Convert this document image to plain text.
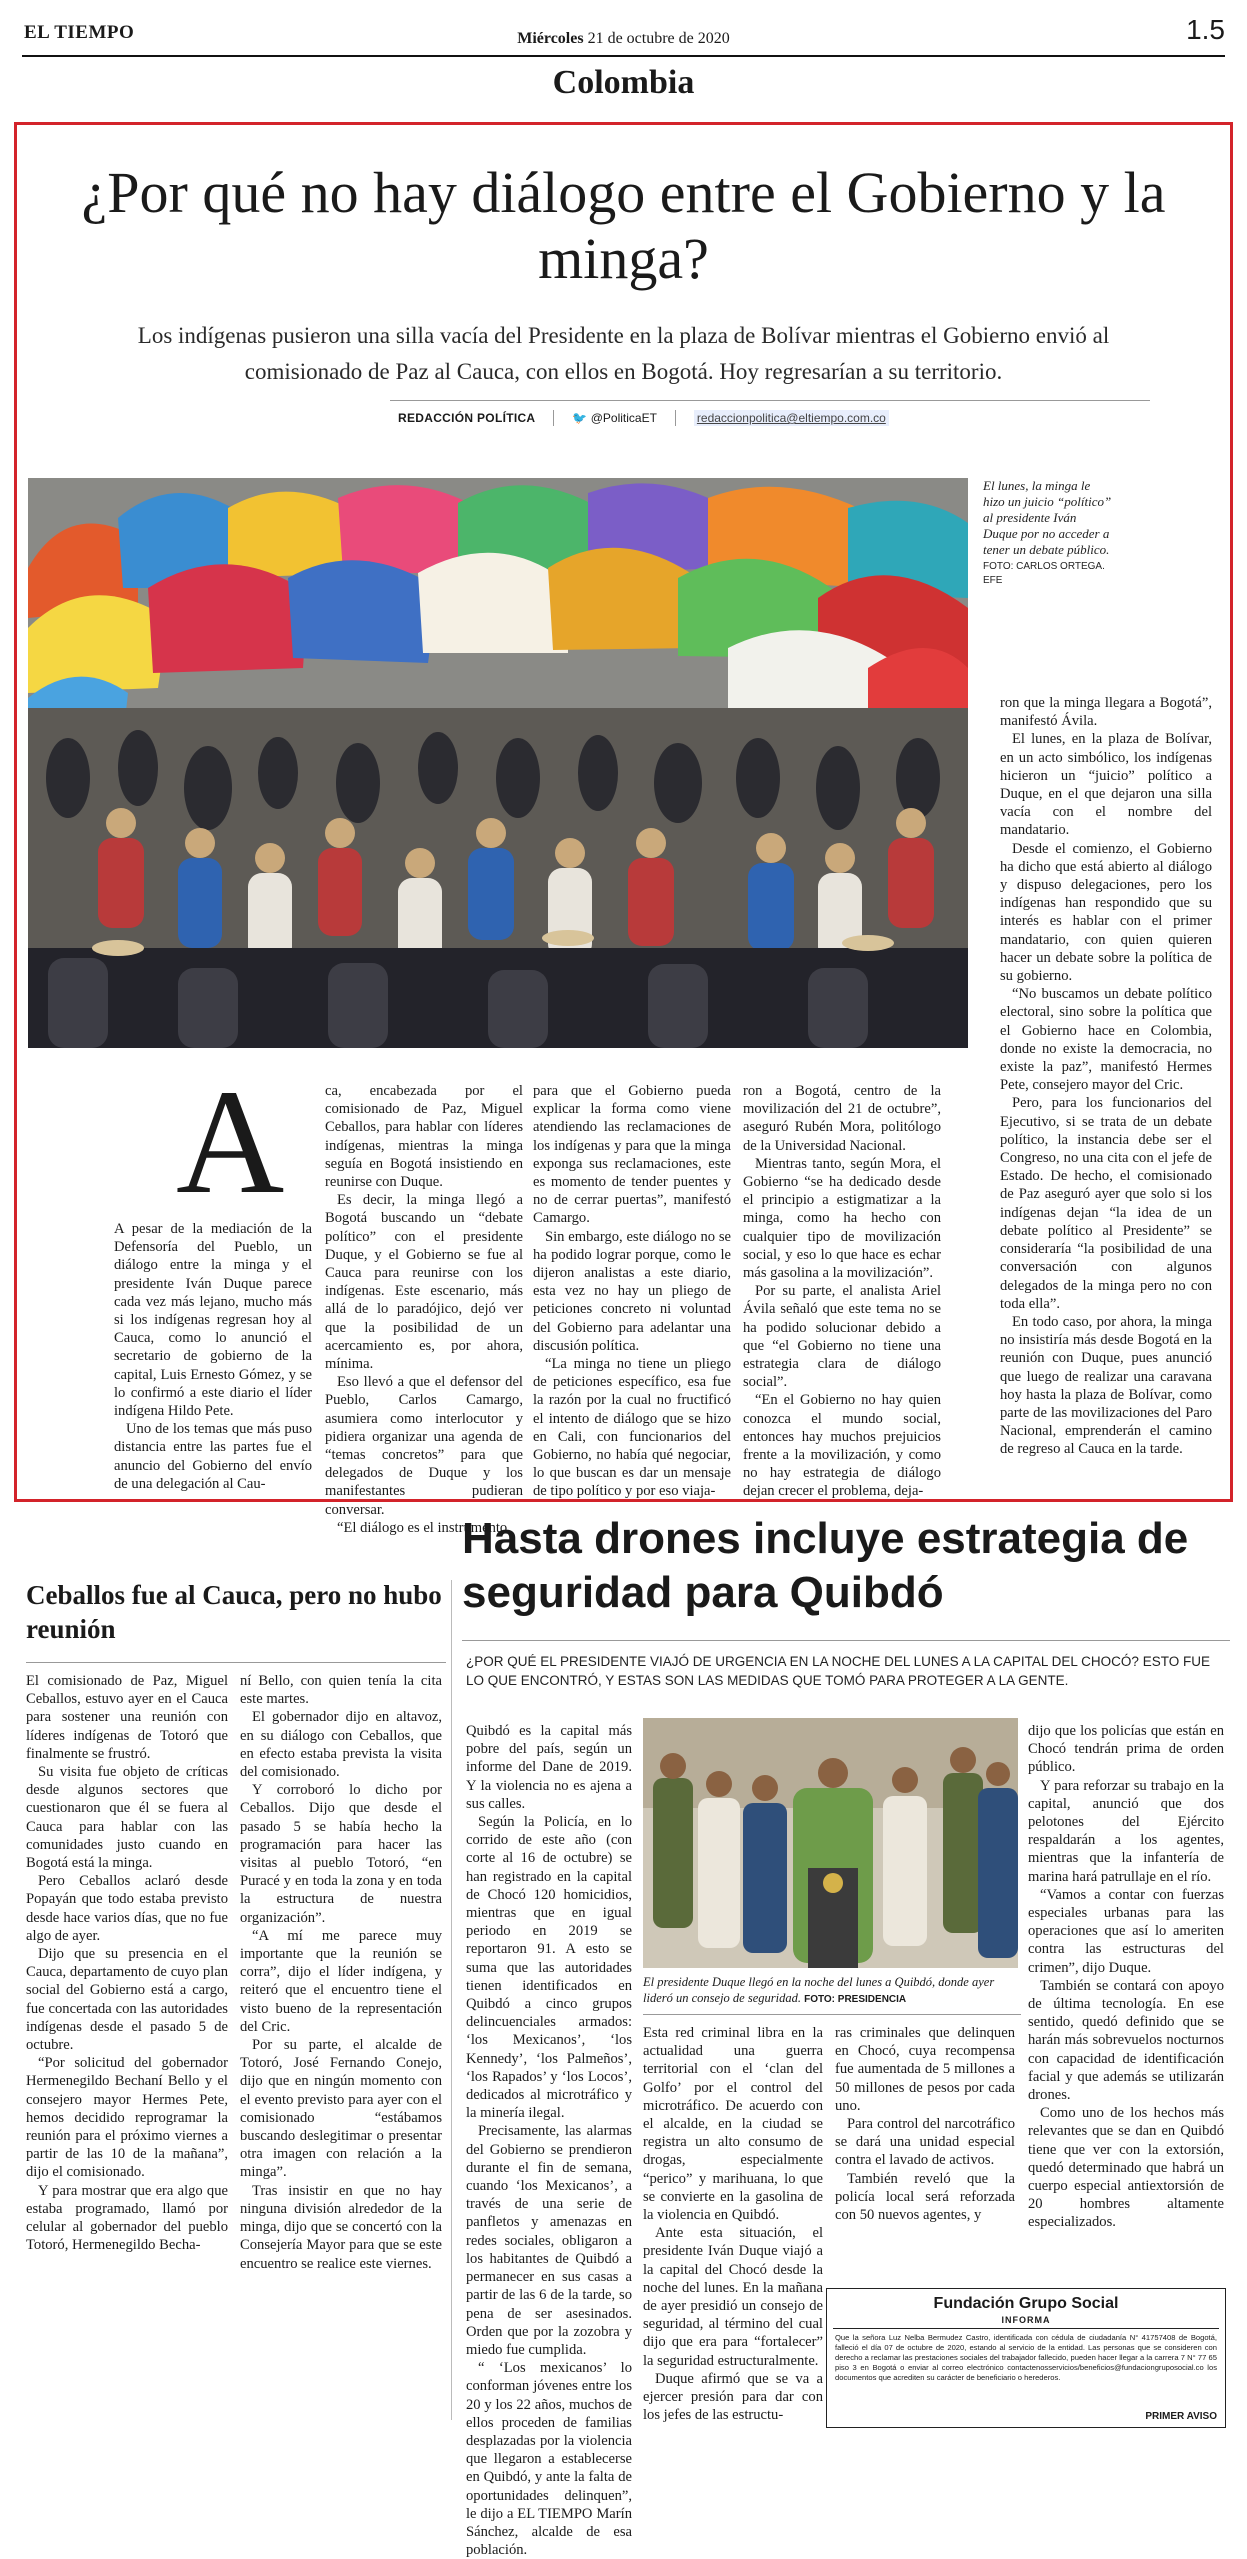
EL TIEMPO	Miércoles 21 de octubre de 2020	1.5
Colombia
¿Por qué no hay diálogo entre el Gobierno y la minga?
Los indígenas pusieron una silla vacía del Presidente en la plaza de Bolívar mientras el Gobierno envió al comisionado de Paz al Cauca, con ellos en Bogotá. Hoy regresarían a su territorio.
REDACCIÓN POLÍTICA	🐦 @PoliticaET	redaccionpolitica@eltiempo.com.co
El lunes, la minga le hizo un juicio “político” al presidente Iván Duque por no acceder a tener un debate público.
FOTO: CARLOS ORTEGA. EFE
A

A pesar de la mediación de la Defensoría del Pueblo, un diálogo entre la minga y el presidente Iván Duque parece cada vez más lejano, mucho más si los indígenas regresan hoy al Cauca, como lo anunció el secretario de gobierno de la capital, Luis Ernesto Gómez, y se lo confirmó a este diario el líder indígena Hildo Pete.

Uno de los temas que más puso distancia entre las partes fue el anuncio del Gobierno del envío de una delegación al Cau-

ca, encabezada por el comisionado de Paz, Miguel Ceballos, para hablar con líderes indígenas, mientras la minga seguía en Bogotá insistiendo en reunirse con Duque.

Es decir, la minga llegó a Bogotá buscando un “debate político” con el presidente Duque, y el Gobierno se fue al Cauca para reunirse con los indígenas. Este escenario, más allá de lo paradójico, dejó ver que la posibilidad de un acercamiento es, por ahora, mínima.

Eso llevó a que el defensor del Pueblo, Carlos Camargo, asumiera como interlocutor y pidiera organizar una agenda de “temas concretos” para que delegados de Duque y los manifestantes pudieran conversar.

“El diálogo es el instrumento

para que el Gobierno pueda explicar la forma como viene atendiendo las reclamaciones de los indígenas y para que la minga exponga sus reclamaciones, este es momento de tender puentes y no de cerrar puertas”, manifestó Camargo.

Sin embargo, este diálogo no se ha podido lograr porque, como le dijeron analistas a este diario, esta vez no hay un pliego de peticiones concreto ni voluntad del Gobierno para adelantar una discusión política.

“La minga no tiene un pliego de peticiones específico, esa fue la razón por la cual no fructificó el intento de diálogo que se hizo en Cali, con funcionarios del Gobierno, no había qué negociar, lo que buscan es dar un mensaje de tipo político y por eso viaja-

ron a Bogotá, centro de la movilización del 21 de octubre”, aseguró Rubén Mora, politólogo de la Universidad Nacional.

Mientras tanto, según Mora, el Gobierno “se ha dedicado desde el principio a estigmatizar a la minga, como ha hecho con cualquier tipo de movilización social, y eso lo que hace es echar más gasolina a la movilización”.

Por su parte, el analista Ariel Ávila señaló que este tema no se ha podido solucionar debido a que “el Gobierno no tiene una estrategia clara de diálogo social”.

“En el Gobierno no hay quien conozca el mundo social, entonces hay muchos prejuicios frente a la movilización, y como no hay estrategia de diálogo dejan crecer el problema, deja-

ron que la minga llegara a Bogotá”, manifestó Ávila.

El lunes, en la plaza de Bolívar, en un acto simbólico, los indígenas hicieron un “juicio” político a Duque, en el que dejaron una silla vacía con el nombre del mandatario.

Desde el comienzo, el Gobierno ha dicho que está abierto al diálogo y dispuso delegaciones, pero los indígenas han respondido que su interés es hablar con el primer mandatario, con quien quieren hacer un debate sobre la política de su gobierno.

“No buscamos un debate político electoral, sino sobre la política que el Gobierno hace en Colombia, donde no existe la democracia, no existe la paz”, manifestó Hermes Pete, consejero mayor del Cric.

Pero, para los funcionarios del Ejecutivo, si se trata de un debate político, la instancia debe ser el Congreso, no una cita con el jefe de Estado. De hecho, el comisionado de Paz aseguró ayer que solo si los indígenas dejan “la idea de un debate político al Presidente” se consideraría “la posibilidad de una conversación con algunos delegados de la minga pero no con toda ella”.

En todo caso, por ahora, la minga no insistiría más desde Bogotá en la reunión con Duque, pues anunció que luego de realizar una caravana hoy hasta la plaza de Bolívar, como parte de las movilizaciones del Paro Nacional, emprenderán el camino de regreso al Cauca en la tarde.

Hasta drones incluye estrategia de seguridad para Quibdó
¿POR QUÉ EL PRESIDENTE VIAJÓ DE URGENCIA EN LA NOCHE DEL LUNES A LA CAPITAL DEL CHOCÓ? ESTO FUE LO QUE ENCONTRÓ, Y ESTAS SON LAS MEDIDAS QUE TOMÓ PARA PROTEGER A LA GENTE.
Ceballos fue al Cauca, pero no hubo reunión

El comisionado de Paz, Miguel Ceballos, estuvo ayer en el Cauca para sostener una reunión con líderes indígenas de Totoró que finalmente se frustró.

Su visita fue objeto de críticas desde algunos sectores que cuestionaron que él se fuera al Cauca para hablar con las comunidades justo cuando en Bogotá está la minga.

Pero Ceballos aclaró desde Popayán que todo estaba previsto desde hace varios días, que no fue algo de ayer.

Dijo que su presencia en el Cauca, departamento de cuyo plan social del Gobierno está a cargo, fue concertada con las autoridades indígenas desde el pasado 5 de octubre.

“Por solicitud del gobernador Hermenegildo Bechaní Bello y el consejero mayor Hermes Pete, hemos decidido reprogramar la reunión para el próximo viernes a partir de las 10 de la mañana”, dijo el comisionado.

Y para mostrar que era algo que estaba programado, llamó por celular al gobernador del pueblo Totoró, Hermenegildo Becha-

ní Bello, con quien tenía la cita este martes.

El gobernador dijo en altavoz, en su diálogo con Ceballos, que en efecto estaba prevista la visita del comisionado.

Y corroboró lo dicho por Ceballos. Dijo que desde el pasado 5 se había hecho la programación para hacer las visitas al pueblo Totoró, “en Puracé y en toda la zona y en toda la estructura de nuestra organización”.

“A mí me parece muy importante que la reunión se corra”, dijo el líder indígena, y reiteró que el encuentro tiene el visto bueno de la representación del Cric.

Por su parte, el alcalde de Totoró, José Fernando Conejo, dijo que en ningún momento con el evento previsto para ayer con el comisionado “estábamos buscando deslegitimar o presentar otra imagen con relación a la minga”.

Tras insistir en que no hay ninguna división alrededor de la minga, dijo que se concertó con la Consejería Mayor para que se este encuentro se realice este viernes.

Quibdó es la capital más pobre del país, según un informe del Dane de 2019. Y la violencia no es ajena a sus calles.

Según la Policía, en lo corrido de este año (con corte al 16 de octubre) se han registrado en la capital de Chocó 120 homicidios, mientras que en igual periodo en 2019 se reportaron 91. A esto se suma que las autoridades tienen identificados en Quibdó a cinco grupos delincuenciales armados: ‘los Mexicanos’, ‘los Kennedy’, ‘los Palmeños’, ‘los Rapados’ y ‘los Locos’, dedicados al microtráfico y la minería ilegal.

Precisamente, las alarmas del Gobierno se prendieron durante el fin de semana, cuando ‘los Mexicanos’, a través de una serie de panfletos y amenazas en redes sociales, obligaron a los habitantes de Quibdó a permanecer en sus casas a partir de las 6 de la tarde, so pena de ser asesinados. Orden que por la zozobra y miedo fue cumplida.

“ ‘Los mexicanos’ lo conforman jóvenes entre los 20 y los 22 años, muchos de ellos proceden de familias desplazadas por la violencia que llegaron a establecerse en Quibdó, y ante la falta de oportunidades delinquen”, le dijo a EL TIEMPO Marín Sánchez, alcalde de esa población.

El presidente Duque llegó en la noche del lunes a Quibdó, donde ayer lideró un consejo de seguridad. FOTO: PRESIDENCIA

Esta red criminal libra en la actualidad una guerra territorial con el ‘clan del Golfo’ por el control del microtráfico. De acuerdo con el alcalde, en la ciudad se registra un alto consumo de drogas, especialmente “perico” y marihuana, lo que se convierte en la gasolina de la violencia en Quibdó.

Ante esta situación, el presidente Iván Duque viajó a la capital del Chocó desde la noche del lunes. En la mañana de ayer presidió un consejo de seguridad, al término del cual dijo que era para “fortalecer” la seguridad estructuralmente.

Duque afirmó que se va a ejercer presión para dar con los jefes de las estructu-

ras criminales que delinquen en Chocó, cuya recompensa fue aumentada de 5 millones a 50 millones de pesos por cada uno.

Para control del narcotráfico se dará una unidad especial contra el lavado de activos.

También reveló que la policía local será reforzada con 50 nuevos agentes, y

dijo que los policías que están en Chocó tendrán prima de orden público.

Y para reforzar su trabajo en la capital, anunció que dos pelotones del Ejército respaldarán a los agentes, mientras que la infantería de marina hará patrullaje en el río.

“Vamos a contar con fuerzas especiales urbanas para las operaciones que así lo ameriten contra las estructuras del crimen”, dijo Duque.

También se contará con apoyo de última tecnología. En ese sentido, quedó definido que se harán más sobrevuelos nocturnos con capacidad de identificación facial y que además se utilizarán drones.

Como uno de los hechos más relevantes que se dan en Quibdó tiene que ver con la extorsión, quedó determinado que habrá un cuerpo especial antiextorsión de 20 hombres altamente especializados.

Fundación Grupo Social
INFORMA
Que la señora Luz Nelba Bermudez Castro, identificada con cédula de ciudadanía N° 41757408 de Bogotá, falleció el día 07 de octubre de 2020, estando al servicio de la entidad. Las personas que se consideren con derecho a reclamar las prestaciones sociales del trabajador fallecido, pueden hacer llegar a la carrera 7 N° 77 65 piso 3 en Bogotá o enviar al correo electrónico contactenosservicios/beneficios@fundaciongruposocial.co los documentos que acrediten su carácter de beneficiario o herederos.
PRIMER AVISO
